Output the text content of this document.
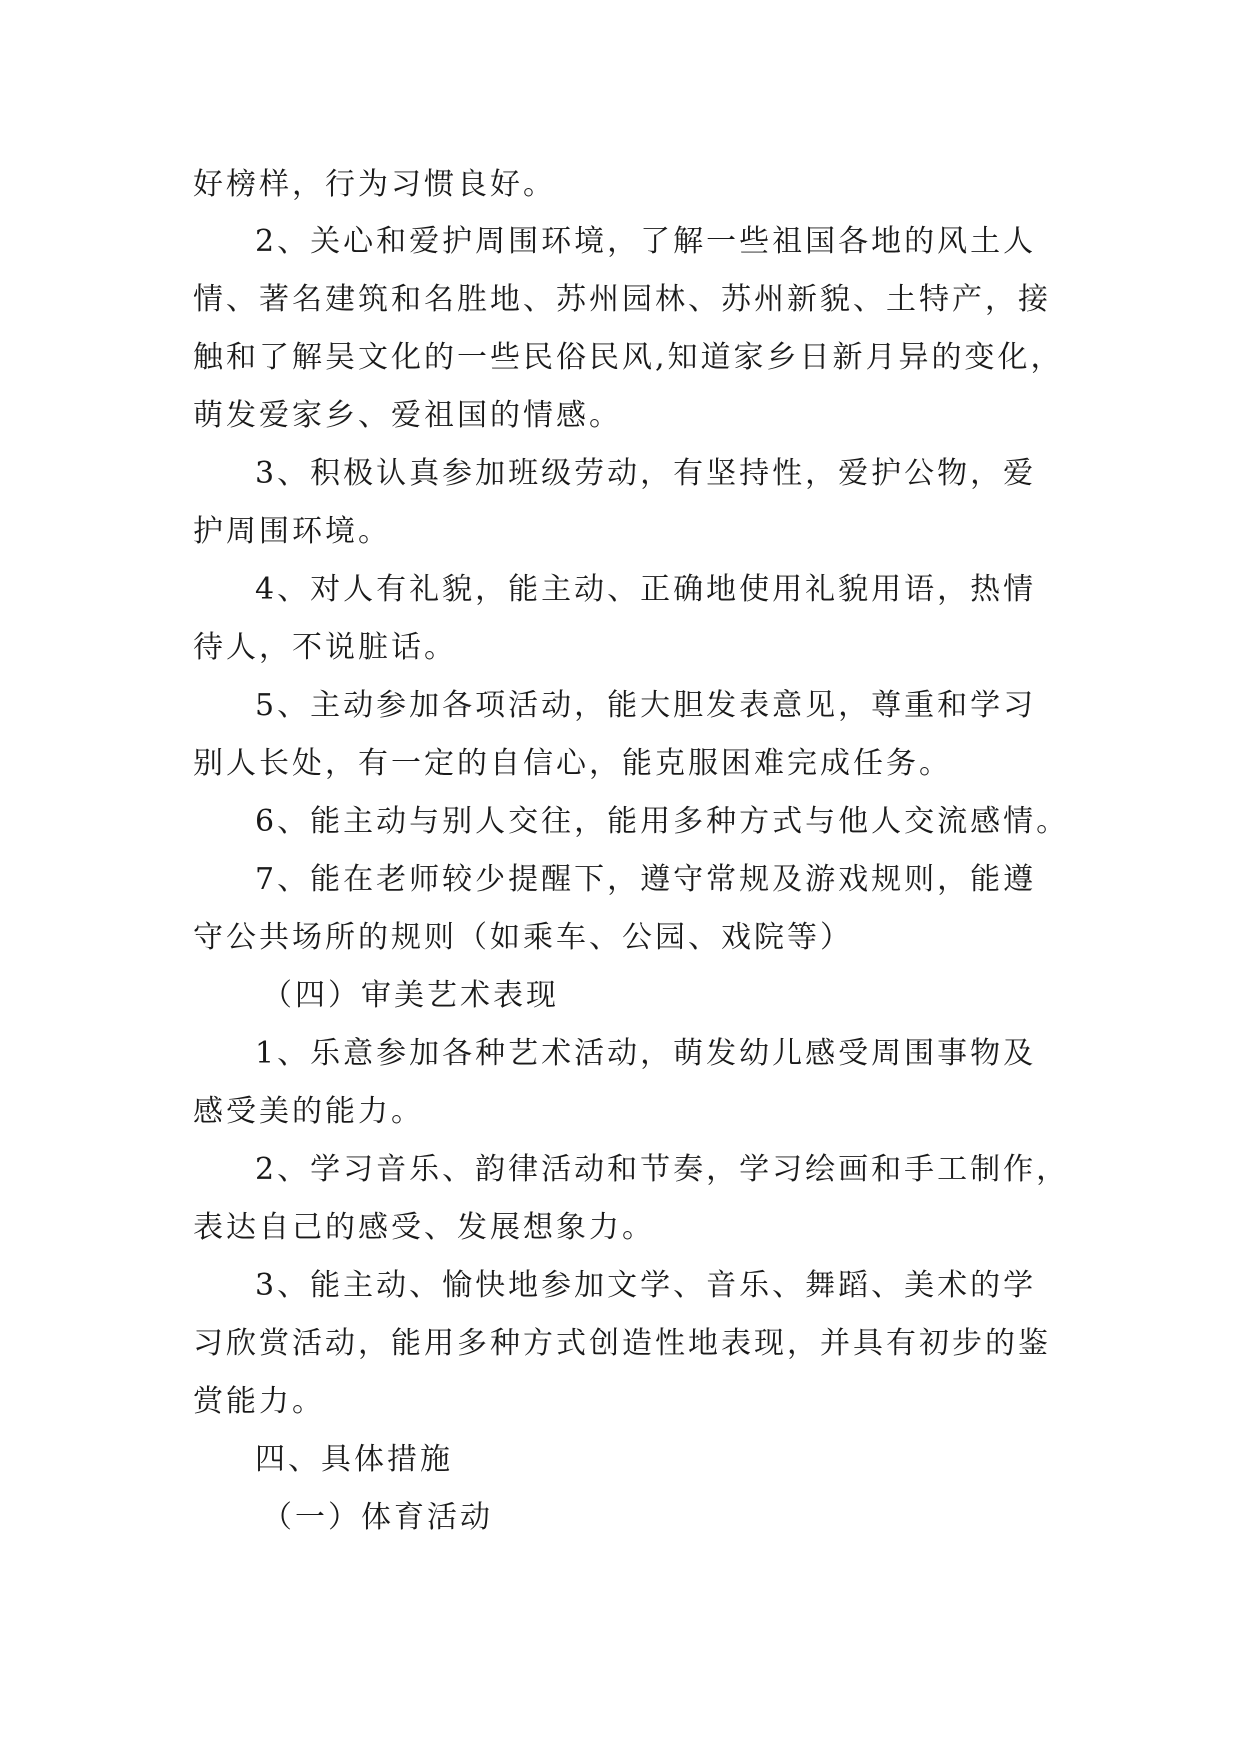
好榜样，行为习惯良好。
2、关心和爱护周围环境，了解一些祖国各地的风土人
情、著名建筑和名胜地、苏州园林、苏州新貌、土特产，接
触和了解吴文化的一些民俗民风,知道家乡日新月异的变化，
萌发爱家乡、爱祖国的情感。
3、积极认真参加班级劳动，有坚持性，爱护公物，爱
护周围环境。
4、对人有礼貌，能主动、正确地使用礼貌用语，热情
待人，不说脏话。
5、主动参加各项活动，能大胆发表意见，尊重和学习
别人长处，有一定的自信心，能克服困难完成任务。
6、能主动与别人交往，能用多种方式与他人交流感情。
7、能在老师较少提醒下，遵守常规及游戏规则，能遵
守公共场所的规则（如乘车、公园、戏院等）
（四）审美艺术表现
1、乐意参加各种艺术活动，萌发幼儿感受周围事物及
感受美的能力。
2、学习音乐、韵律活动和节奏，学习绘画和手工制作，
表达自己的感受、发展想象力。
3、能主动、愉快地参加文学、音乐、舞蹈、美术的学
习欣赏活动，能用多种方式创造性地表现，并具有初步的鉴
赏能力。
四、具体措施
（一）体育活动
